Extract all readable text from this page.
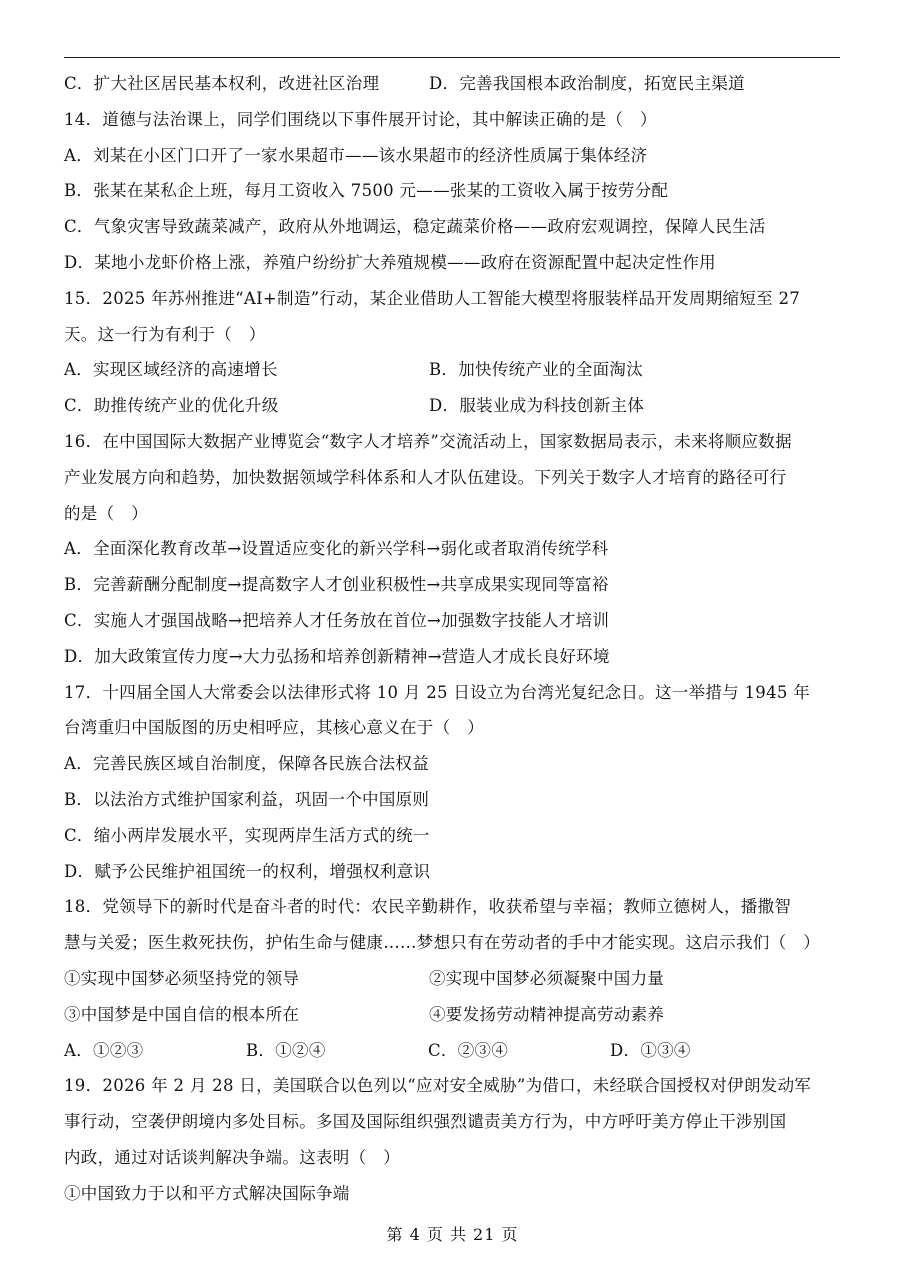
C．扩大社区居民基本权利，改进社区治理	D．完善我国根本政治制度，拓宽民主渠道
14．道德与法治课上，同学们围绕以下事件展开讨论，其中解读正确的是（　）
A．刘某在小区门口开了一家水果超市——该水果超市的经济性质属于集体经济
B．张某在某私企上班，每月工资收入 7500 元——张某的工资收入属于按劳分配
C．气象灾害导致蔬菜减产，政府从外地调运，稳定蔬菜价格——政府宏观调控，保障人民生活
D．某地小龙虾价格上涨，养殖户纷纷扩大养殖规模——政府在资源配置中起决定性作用
15．2025 年苏州推进“AI+制造”行动，某企业借助人工智能大模型将服装样品开发周期缩短至 27
天。这一行为有利于（　）
A．实现区域经济的高速增长	B．加快传统产业的全面淘汰
C．助推传统产业的优化升级	D．服装业成为科技创新主体
16．在中国国际大数据产业博览会“数字人才培养”交流活动上，国家数据局表示，未来将顺应数据
产业发展方向和趋势，加快数据领域学科体系和人才队伍建设。下列关于数字人才培育的路径可行
的是（　）
A．全面深化教育改革→设置适应变化的新兴学科→弱化或者取消传统学科
B．完善薪酬分配制度→提高数字人才创业积极性→共享成果实现同等富裕
C．实施人才强国战略→把培养人才任务放在首位→加强数字技能人才培训
D．加大政策宣传力度→大力弘扬和培养创新精神→营造人才成长良好环境
17．十四届全国人大常委会以法律形式将 10 月 25 日设立为台湾光复纪念日。这一举措与 1945 年
台湾重归中国版图的历史相呼应，其核心意义在于（　）
A．完善民族区域自治制度，保障各民族合法权益
B．以法治方式维护国家利益，巩固一个中国原则
C．缩小两岸发展水平，实现两岸生活方式的统一
D．赋予公民维护祖国统一的权利，增强权利意识
18．党领导下的新时代是奋斗者的时代：农民辛勤耕作，收获希望与幸福；教师立德树人，播撒智
慧与关爱；医生救死扶伤，护佑生命与健康……梦想只有在劳动者的手中才能实现。这启示我们（　）
①实现中国梦必须坚持党的领导	②实现中国梦必须凝聚中国力量
③中国梦是中国自信的根本所在	④要发扬劳动精神提高劳动素养
A．①②③	B．①②④	C．②③④	D．①③④
19．2026 年 2 月 28 日，美国联合以色列以“应对安全威胁”为借口，未经联合国授权对伊朗发动军
事行动，空袭伊朗境内多处目标。多国及国际组织强烈谴责美方行为，中方呼吁美方停止干涉别国
内政，通过对话谈判解决争端。这表明（　）
①中国致力于以和平方式解决国际争端
第 4 页 共 21 页
